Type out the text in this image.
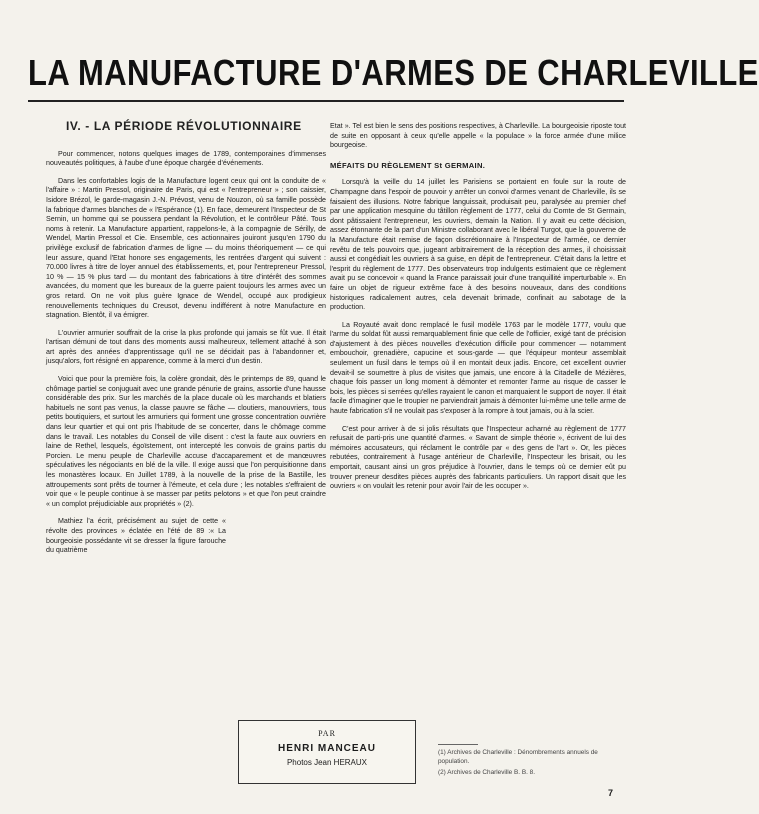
LA MANUFACTURE D'ARMES DE CHARLEVILLE
IV. - LA PÉRIODE RÉVOLUTIONNAIRE

Pour commencer, notons quelques images de 1789, contemporaines d'immenses nouveautés politiques, à l'aube d'une époque chargée d'événements.

Dans les confortables logis de la Manufacture logent ceux qui ont la conduite de « l'affaire » : Martin Pressol, originaire de Paris, qui est « l'entrepreneur » ; son caissier, Isidore Brézol, le garde-magasin J.-N. Prévost, venu de Nouzon, où sa famille possède la fabrique d'armes blanches de « l'Espérance (1). En face, demeurent l'Inspecteur de St Sernin, un homme qui se poussera pendant la Révolution, et le contrôleur Pâté. Tous noms à retenir. La Manufacture appartient, rappelons-le, à la compagnie de Sérilly, de Wendel, Martin Pressol et Cie. Ensemble, ces actionnaires jouiront jusqu'en 1790 du privilège exclusif de fabrication d'armes de ligne — du moins théoriquement — ce qui leur assure, quand l'Etat honore ses engagements, les rentrées d'argent qui suivent : 70.000 livres à titre de loyer annuel des établissements, et, pour l'entrepreneur Pressol, 10 % — 15 % plus tard — du montant des fabrications à titre d'intérêt des sommes avancées, du moment que les bureaux de la guerre paient toujours les armes avec un gros retard. On ne voit plus guère Ignace de Wendel, occupé aux prodigieux renouvellements techniques du Creusot, devenu indifférent à notre Manufacture en stagnation. Bientôt, il va émigrer.

L'ouvrier armurier souffrait de la crise la plus profonde qui jamais se fût vue. Il était l'artisan démuni de tout dans des moments aussi malheureux, tellement attaché à son art après des années d'apprentissage qu'il ne se décidait pas à l'abandonner et, jusqu'alors, fort résigné en apparence, comme à la merci d'un destin.

Voici que pour la première fois, la colère grondait, dès le printemps de 89, quand le chômage partiel se conjuguait avec une grande pénurie de grains, assortie d'une hausse considérable des prix. Sur les marchés de la place ducale où les marchands et blatiers habituels ne sont pas venus, la classe pauvre se fâche — cloutiers, manouvriers, tous petits boutiquiers, et surtout les armuriers qui forment une grosse concentration ouvrière dans leur quartier et qui ont pris l'habitude de se concerter, dans le chômage comme dans le travail. Les notables du Conseil de ville disent : c'est la faute aux ouvriers en laine de Rethel, lesquels, égoïstement, ont intercepté les convois de grains partis du Porcien. Le menu peuple de Charleville accuse d'accaparement et de manœuvres spéculatives les négociants en blé de la ville. Il exige aussi que l'on perquisitionne dans les monastères locaux. En Juillet 1789, à la nouvelle de la prise de la Bastille, les attroupements sont prêts de tourner à l'émeute, et cela dure ; les notables s'effraient de voir que « le peuple continue à se masser par petits pelotons » et que l'on peut craindre « un complot préjudiciable aux propriétés » (2).

Mathiez l'a écrit, précisément au sujet de cette « révolte des provinces » éclatée en l'été de 89 :« La bourgeoisie possédante vit se dresser la figure farouche du quatrième

Etat ». Tel est bien le sens des positions respectives, à Charleville. La bourgeoisie riposte tout de suite en opposant à ceux qu'elle appelle « la populace » la force armée d'une milice bourgeoise.

MÉFAITS DU RÈGLEMENT St GERMAIN.

Lorsqu'à la veille du 14 juillet les Parisiens se portaient en foule sur la route de Champagne dans l'espoir de pouvoir y arrêter un convoi d'armes venant de Charleville, ils se faisaient des illusions. Notre fabrique languissait, produisait peu, paralysée au premier chef par une application mesquine du tâtillon règlement de 1777, celui du Comte de St Germain, dont pâtissaient l'entrepreneur, les ouvriers, demain la Nation. Il y avait eu cette décision, assez étonnante de la part d'un Ministre collaborant avec le libéral Turgot, que la gouverne de la Manufacture était remise de façon discrétionnaire à l'Inspecteur de l'armée, ce dernier revêtu de tels pouvoirs que, jugeant arbitrairement de la réception des armes, il choisissait aussi et congédiait les ouvriers à sa guise, en dépit de l'entrepreneur. C'était dans la lettre et l'esprit du règlement de 1777. Des observateurs trop indulgents estimaient que ce règlement avait pu se concevoir « quand la France paraissait jouir d'une tranquillité imperturbable ». En faire un objet de rigueur extrême face à des besoins nouveaux, dans des conditions historiques radicalement autres, cela devenait brimade, confinait au sabotage de la production.

La Royauté avait donc remplacé le fusil modèle 1763 par le modèle 1777, voulu que l'arme du soldat fût aussi remarquablement finie que celle de l'officier, exigé tant de précision d'ajustement à des pièces nouvelles d'exécution difficile pour commencer — notamment embouchoir, grenadière, capucine et sous-garde — que l'équipeur monteur assemblait seulement un fusil dans le temps où il en montait deux jadis. Encore, cet excellent ouvrier devait-il se soumettre à plus de visites que jamais, une encore à la Citadelle de Mézières, chaque fois passer un long moment à démonter et remonter l'arme au risque de casser le bois, les pièces si serrées qu'elles rayaient le canon et marquaient le support de noyer. Il était facile d'imaginer que le troupier ne parviendrait jamais à démonter lui-même une telle arme de haute fabrication s'il ne voulait pas s'exposer à la rompre à tout jamais, ou à la scier.

C'est pour arriver à de si jolis résultats que l'Inspecteur acharné au règlement de 1777 refusait de parti-pris une quantité d'armes. « Savant de simple théorie », écrivent de lui des mémoires accusateurs, qui réclament le contrôle par « des gens de l'art ». Or, les pièces rebutées, contrairement à l'usage antérieur de Charleville, l'Inspecteur les brisait, ou les emportait, causant ainsi un gros préjudice à l'ouvrier, dans le temps où ce dernier eût pu trouver preneur desdites pièces auprès des fabricants particuliers. Un rapport disait que les ouvriers « on voulait les retenir pour avoir l'air de les occuper ».

PAR
HENRI MANCEAU
Photos Jean HERAUX
(1) Archives de Charleville : Dénombrements annuels de population.
(2) Archives de Charleville B. B. 8.
7
